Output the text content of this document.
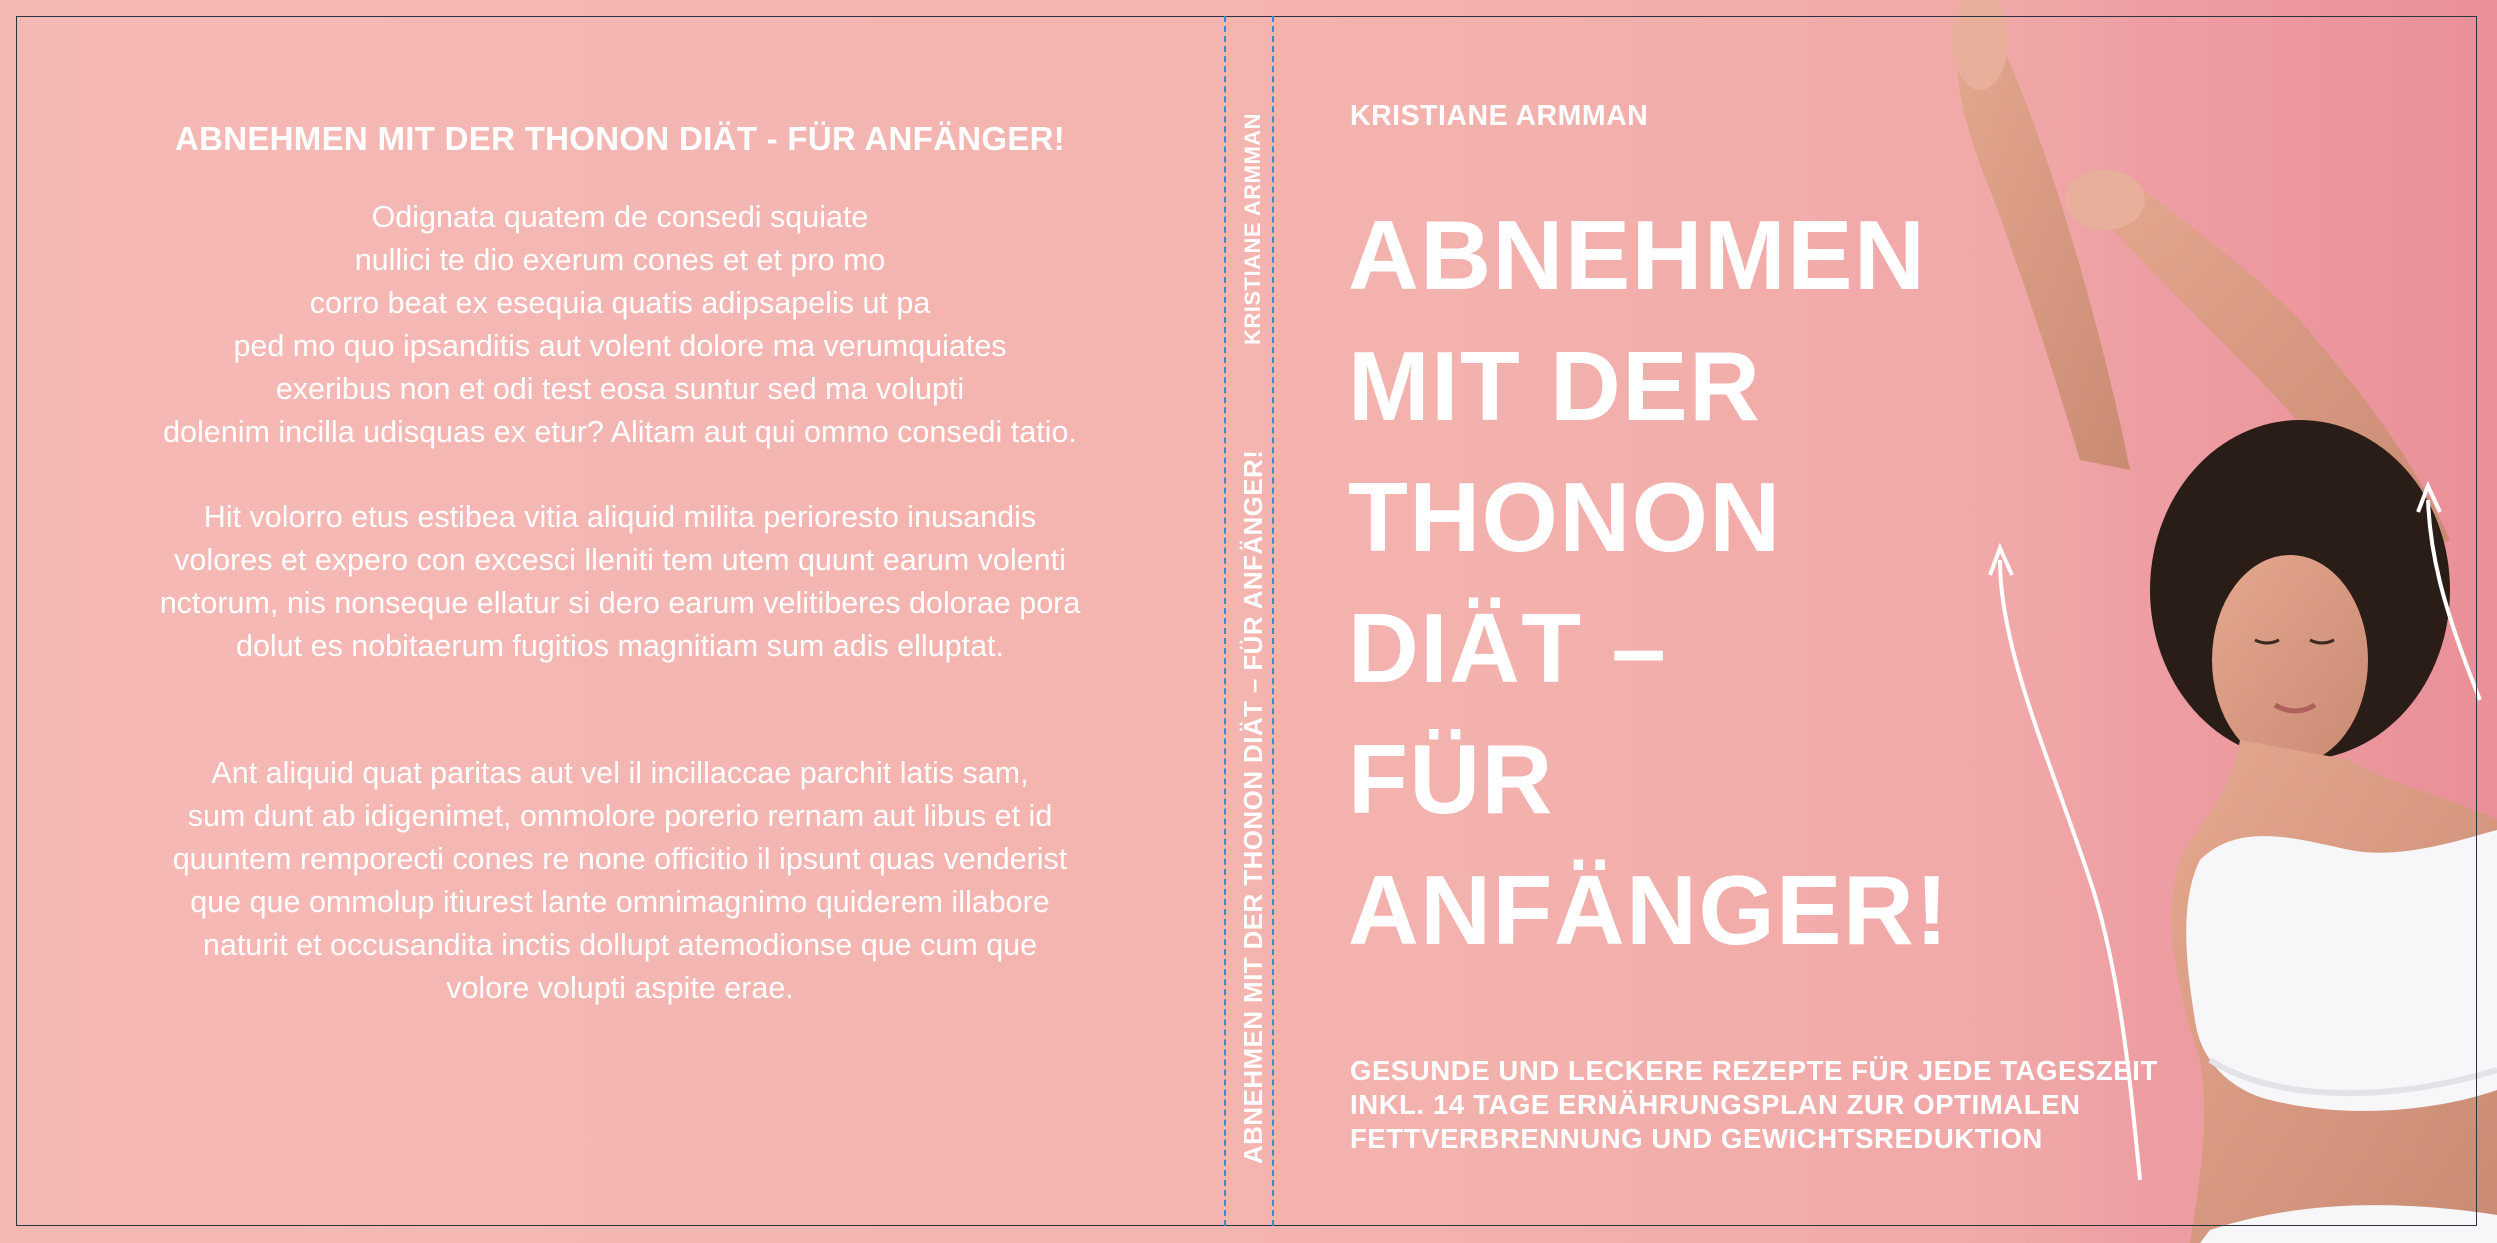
ABNEHMEN MIT DER THONON DIÄT - FÜR ANFÄNGER!

Odignata quatem de consedi squiate
nullici te dio exerum cones et et pro mo
corro beat ex esequia quatis adipsapelis ut pa
ped mo quo ipsanditis aut volent dolore ma verumquiates
exeribus non et odi test eosa suntur sed ma volupti
dolenim incilla udisquas ex etur? Alitam aut qui ommo consedi tatio.

Hit volorro etus estibea vitia aliquid milita perioresto inusandis
volores et expero con excesci lleniti tem utem quunt earum volenti
nctorum, nis nonseque ellatur si dero earum velitiberes dolorae pora
dolut es nobitaerum fugitios magnitiam sum adis elluptat.

Ant aliquid quat paritas aut vel il incillaccae parchit latis sam,
sum dunt ab idigenimet, ommolore porerio rernam aut libus et id
quuntem remporecti cones re none officitio il ipsunt quas venderist
que que ommolup itiurest lante omnimagnimo quiderem illabore
naturit et occusandita inctis dollupt atemodionse que cum que
volore volupti aspite erae.

KRISTIANE ARMMAN
ABNEHMEN MIT DER THONON DIÄT – FÜR ANFÄNGER!
KRISTIANE ARMMAN
ABNEHMEN
MIT DER
THONON
DIÄT –
FÜR
ANFÄNGER!
GESUNDE UND LECKERE REZEPTE FÜR JEDE TAGESZEIT
INKL. 14 TAGE ERNÄHRUNGSPLAN ZUR OPTIMALEN
FETTVERBRENNUNG UND GEWICHTSREDUKTION
